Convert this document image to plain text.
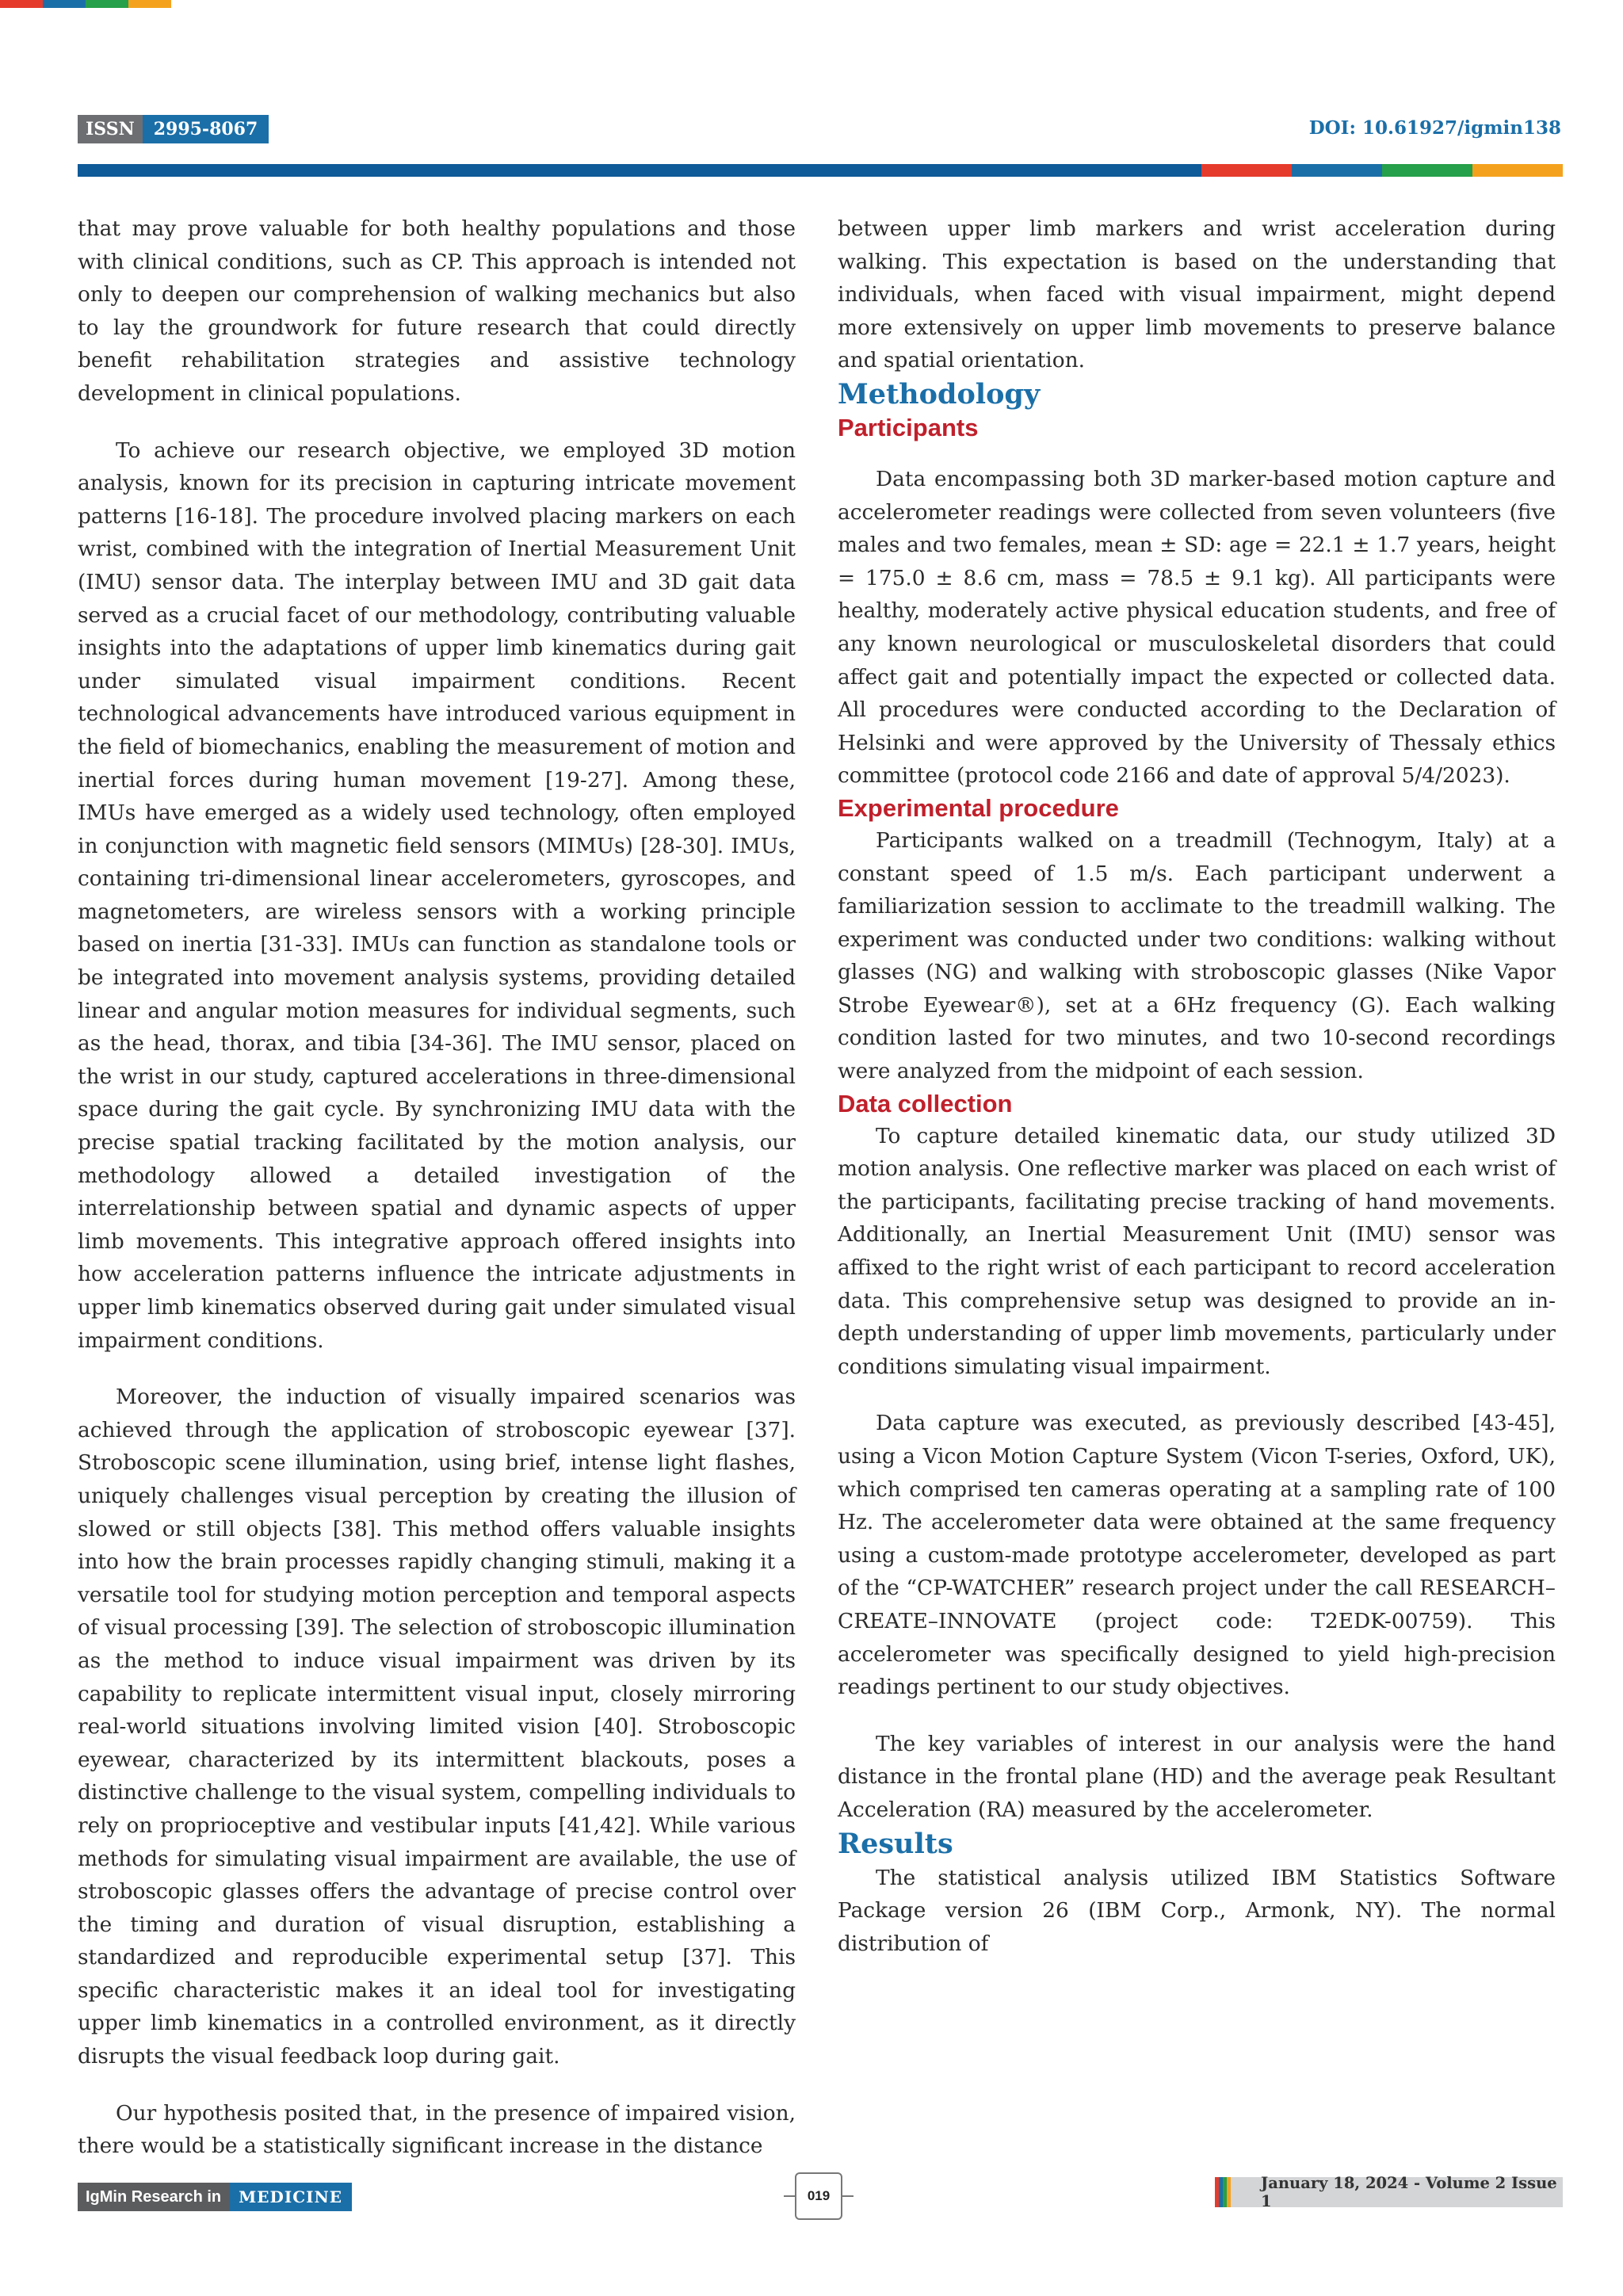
ISSN	2995-8067	DOI: 10.61927/igmin138

that may prove valuable for both healthy populations and those with clinical conditions, such as CP. This approach is intended not only to deepen our comprehension of walking mechanics but also to lay the groundwork for future research that could directly benefit rehabilitation strategies and assistive technology development in clinical populations.

To achieve our research objective, we employed 3D motion analysis, known for its precision in capturing intricate movement patterns [16-18]. The procedure involved placing markers on each wrist, combined with the integration of Inertial Measurement Unit (IMU) sensor data. The interplay between IMU and 3D gait data served as a crucial facet of our methodology, contributing valuable insights into the adaptations of upper limb kinematics during gait under simulated visual impairment conditions. Recent technological advancements have introduced various equipment in the field of biomechanics, enabling the measurement of motion and inertial forces during human movement [19-27]. Among these, IMUs have emerged as a widely used technology, often employed in conjunction with magnetic field sensors (MIMUs) [28-30]. IMUs, containing tri-dimensional linear accelerometers, gyroscopes, and magnetometers, are wireless sensors with a working principle based on inertia [31-33]. IMUs can function as standalone tools or be integrated into movement analysis systems, providing detailed linear and angular motion measures for individual segments, such as the head, thorax, and tibia [34-36]. The IMU sensor, placed on the wrist in our study, captured accelerations in three-dimensional space during the gait cycle. By synchronizing IMU data with the precise spatial tracking facilitated by the motion analysis, our methodology allowed a detailed investigation of the interrelationship between spatial and dynamic aspects of upper limb movements. This integrative approach offered insights into how acceleration patterns influence the intricate adjustments in upper limb kinematics observed during gait under simulated visual impairment conditions.

Moreover, the induction of visually impaired scenarios was achieved through the application of stroboscopic eyewear [37]. Stroboscopic scene illumination, using brief, intense light flashes, uniquely challenges visual perception by creating the illusion of slowed or still objects [38]. This method offers valuable insights into how the brain processes rapidly changing stimuli, making it a versatile tool for studying motion perception and temporal aspects of visual processing [39]. The selection of stroboscopic illumination as the method to induce visual impairment was driven by its capability to replicate intermittent visual input, closely mirroring real-world situations involving limited vision [40]. Stroboscopic eyewear, characterized by its intermittent blackouts, poses a distinctive challenge to the visual system, compelling individuals to rely on proprioceptive and vestibular inputs [41,42]. While various methods for simulating visual impairment are available, the use of stroboscopic glasses offers the advantage of precise control over the timing and duration of visual disruption, establishing a standardized and reproducible experimental setup [37]. This specific characteristic makes it an ideal tool for investigating upper limb kinematics in a controlled environment, as it directly disrupts the visual feedback loop during gait.

Our hypothesis posited that, in the presence of impaired vision, there would be a statistically significant increase in the distance

between upper limb markers and wrist acceleration during walking. This expectation is based on the understanding that individuals, when faced with visual impairment, might depend more extensively on upper limb movements to preserve balance and spatial orientation.

Methodology
Participants

Data encompassing both 3D marker-based motion capture and accelerometer readings were collected from seven volunteers (five males and two females, mean ± SD: age = 22.1 ± 1.7 years, height = 175.0 ± 8.6 cm, mass = 78.5 ± 9.1 kg). All participants were healthy, moderately active physical education students, and free of any known neurological or musculoskeletal disorders that could affect gait and potentially impact the expected or collected data. All procedures were conducted according to the Declaration of Helsinki and were approved by the University of Thessaly ethics committee (protocol code 2166 and date of approval 5/4/2023).

Experimental procedure

Participants walked on a treadmill (Technogym, Italy) at a constant speed of 1.5 m/s. Each participant underwent a familiarization session to acclimate to the treadmill walking. The experiment was conducted under two conditions: walking without glasses (NG) and walking with stroboscopic glasses (Nike Vapor Strobe Eyewear®), set at a 6Hz frequency (G). Each walking condition lasted for two minutes, and two 10-second recordings were analyzed from the midpoint of each session.

Data collection

To capture detailed kinematic data, our study utilized 3D motion analysis. One reflective marker was placed on each wrist of the participants, facilitating precise tracking of hand movements. Additionally, an Inertial Measurement Unit (IMU) sensor was affixed to the right wrist of each participant to record acceleration data. This comprehensive setup was designed to provide an in-depth understanding of upper limb movements, particularly under conditions simulating visual impairment.

Data capture was executed, as previously described [43-45], using a Vicon Motion Capture System (Vicon T-series, Oxford, UK), which comprised ten cameras operating at a sampling rate of 100 Hz. The accelerometer data were obtained at the same frequency using a custom-made prototype accelerometer, developed as part of the “CP-WATCHER” research project under the call RESEARCH–CREATE–INNOVATE (project code: T2EDK-00759). This accelerometer was specifically designed to yield high-precision readings pertinent to our study objectives.

The key variables of interest in our analysis were the hand distance in the frontal plane (HD) and the average peak Resultant Acceleration (RA) measured by the accelerometer.

Results

The statistical analysis utilized IBM Statistics Software Package version 26 (IBM Corp., Armonk, NY). The normal distribution of

IgMin Research in	MEDICINE	019
January 18, 2024 - Volume 2 Issue 1
